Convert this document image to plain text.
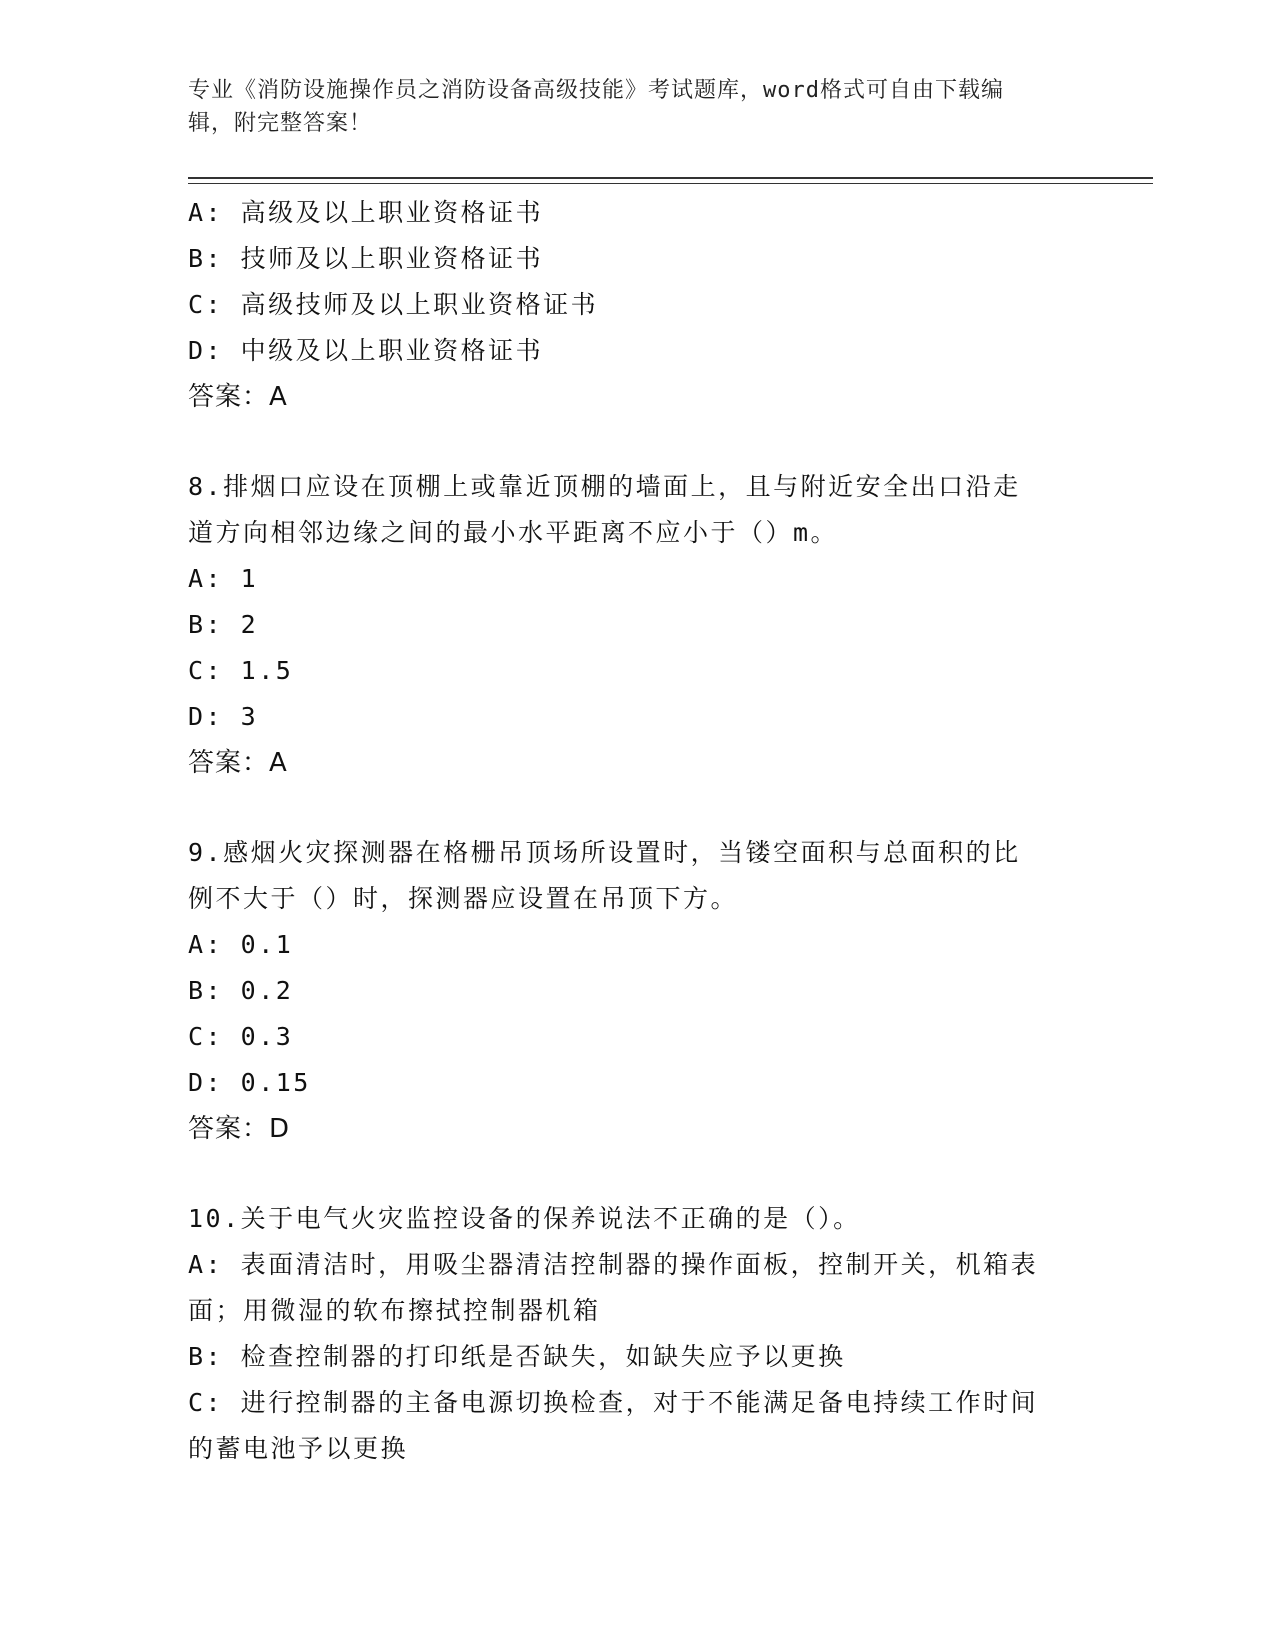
专业《消防设施操作员之消防设备高级技能》考试题库，word格式可自由下载编
辑，附完整答案！

A: 高级及以上职业资格证书

B: 技师及以上职业资格证书

C: 高级技师及以上职业资格证书

D: 中级及以上职业资格证书

答案：A

8.排烟口应设在顶棚上或靠近顶棚的墙面上，且与附近安全出口沿走

道方向相邻边缘之间的最小水平距离不应小于（）m。

A: 1

B: 2

C: 1.5

D: 3

答案：A

9.感烟火灾探测器在格栅吊顶场所设置时，当镂空面积与总面积的比

例不大于（）时，探测器应设置在吊顶下方。

A: 0.1

B: 0.2

C: 0.3

D: 0.15

答案：D

10.关于电气火灾监控设备的保养说法不正确的是（）。

A: 表面清洁时，用吸尘器清洁控制器的操作面板，控制开关，机箱表

面；用微湿的软布擦拭控制器机箱

B: 检查控制器的打印纸是否缺失，如缺失应予以更换

C: 进行控制器的主备电源切换检查，对于不能满足备电持续工作时间

的蓄电池予以更换
